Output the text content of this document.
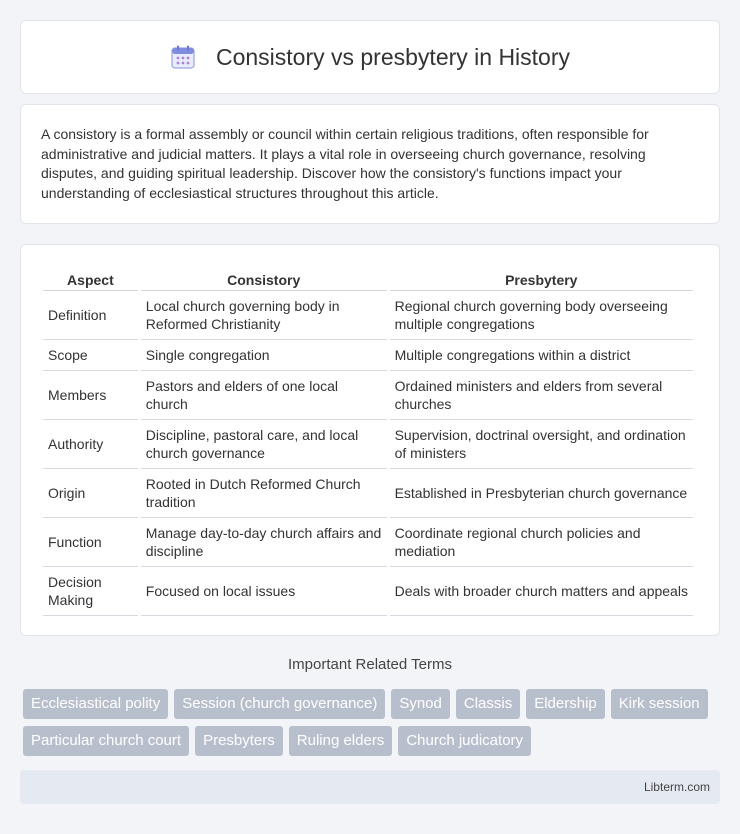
Consistory vs presbytery in History

A consistory is a formal assembly or council within certain religious traditions, often responsible for administrative and judicial matters. It plays a vital role in overseeing church governance, resolving disputes, and guiding spiritual leadership. Discover how the consistory's functions impact your understanding of ecclesiastical structures throughout this article.

Aspect	Consistory	Presbytery
Definition	Local church governing body in Reformed Christianity	Regional church governing body overseeing multiple congregations
Scope	Single congregation	Multiple congregations within a district
Members	Pastors and elders of one local church	Ordained ministers and elders from several churches
Authority	Discipline, pastoral care, and local church governance	Supervision, doctrinal oversight, and ordination of ministers
Origin	Rooted in Dutch Reformed Church tradition	Established in Presbyterian church governance
Function	Manage day-to-day church affairs and discipline	Coordinate regional church policies and mediation
Decision Making	Focused on local issues	Deals with broader church matters and appeals
Important Related Terms
Ecclesiastical polity	Session (church governance)	Synod	Classis	Eldership	Kirk session
Particular church court	Presbyters	Ruling elders	Church judicatory
Libterm.com
